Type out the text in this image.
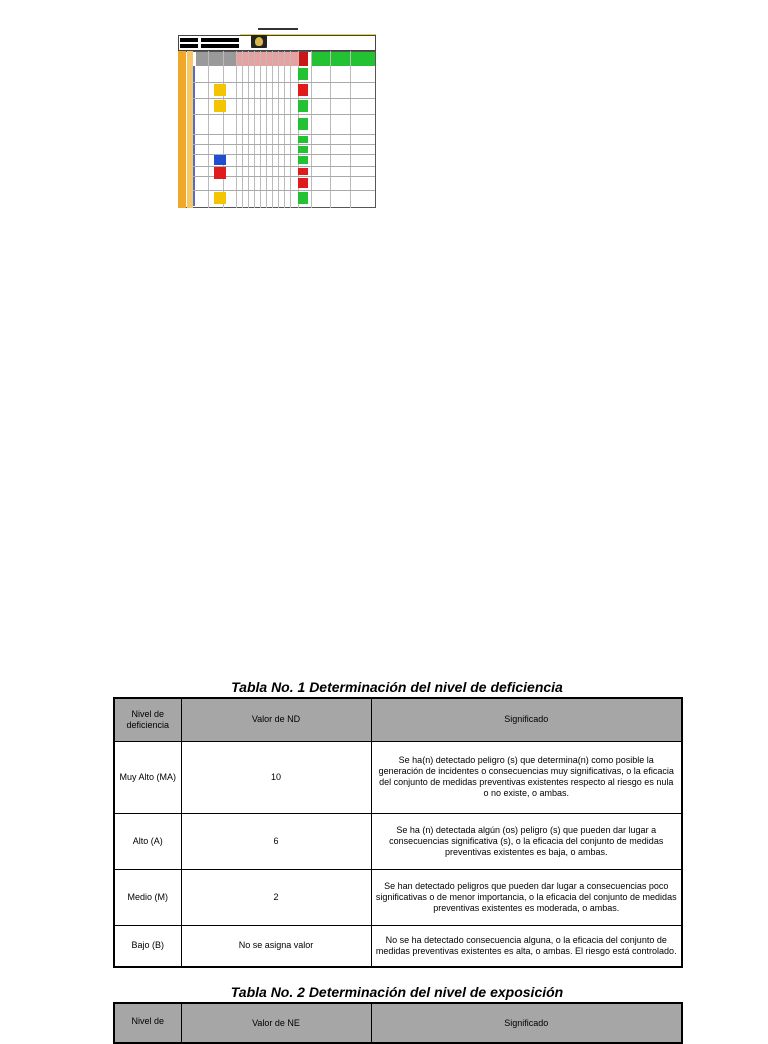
Tabla No. 1 Determinación del nivel de deficiencia
Nivel de deficiencia	Valor de ND	Significado
Muy Alto (MA)	10	Se ha(n) detectado peligro (s) que determina(n) como posible la generación de incidentes o consecuencias muy significativas, o la eficacia del conjunto de medidas preventivas existentes respecto al riesgo es nula o no existe, o ambas.
Alto (A)	6	Se ha (n) detectada algún (os) peligro (s) que pueden dar lugar a consecuencias significativa (s), o la eficacia del conjunto de medidas preventivas existentes es baja, o ambas.
Medio (M)	2	Se han detectado peligros que pueden dar lugar a consecuencias poco significativas o de menor importancia, o la eficacia del conjunto de medidas preventivas existentes es moderada, o ambas.
Bajo (B)	No se asigna valor	No se ha detectado consecuencia alguna, o la eficacia del conjunto de medidas preventivas existentes es alta, o ambas. El riesgo está controlado.
Tabla No. 2 Determinación del nivel de exposición
Nivel de	Valor de NE	Significado
